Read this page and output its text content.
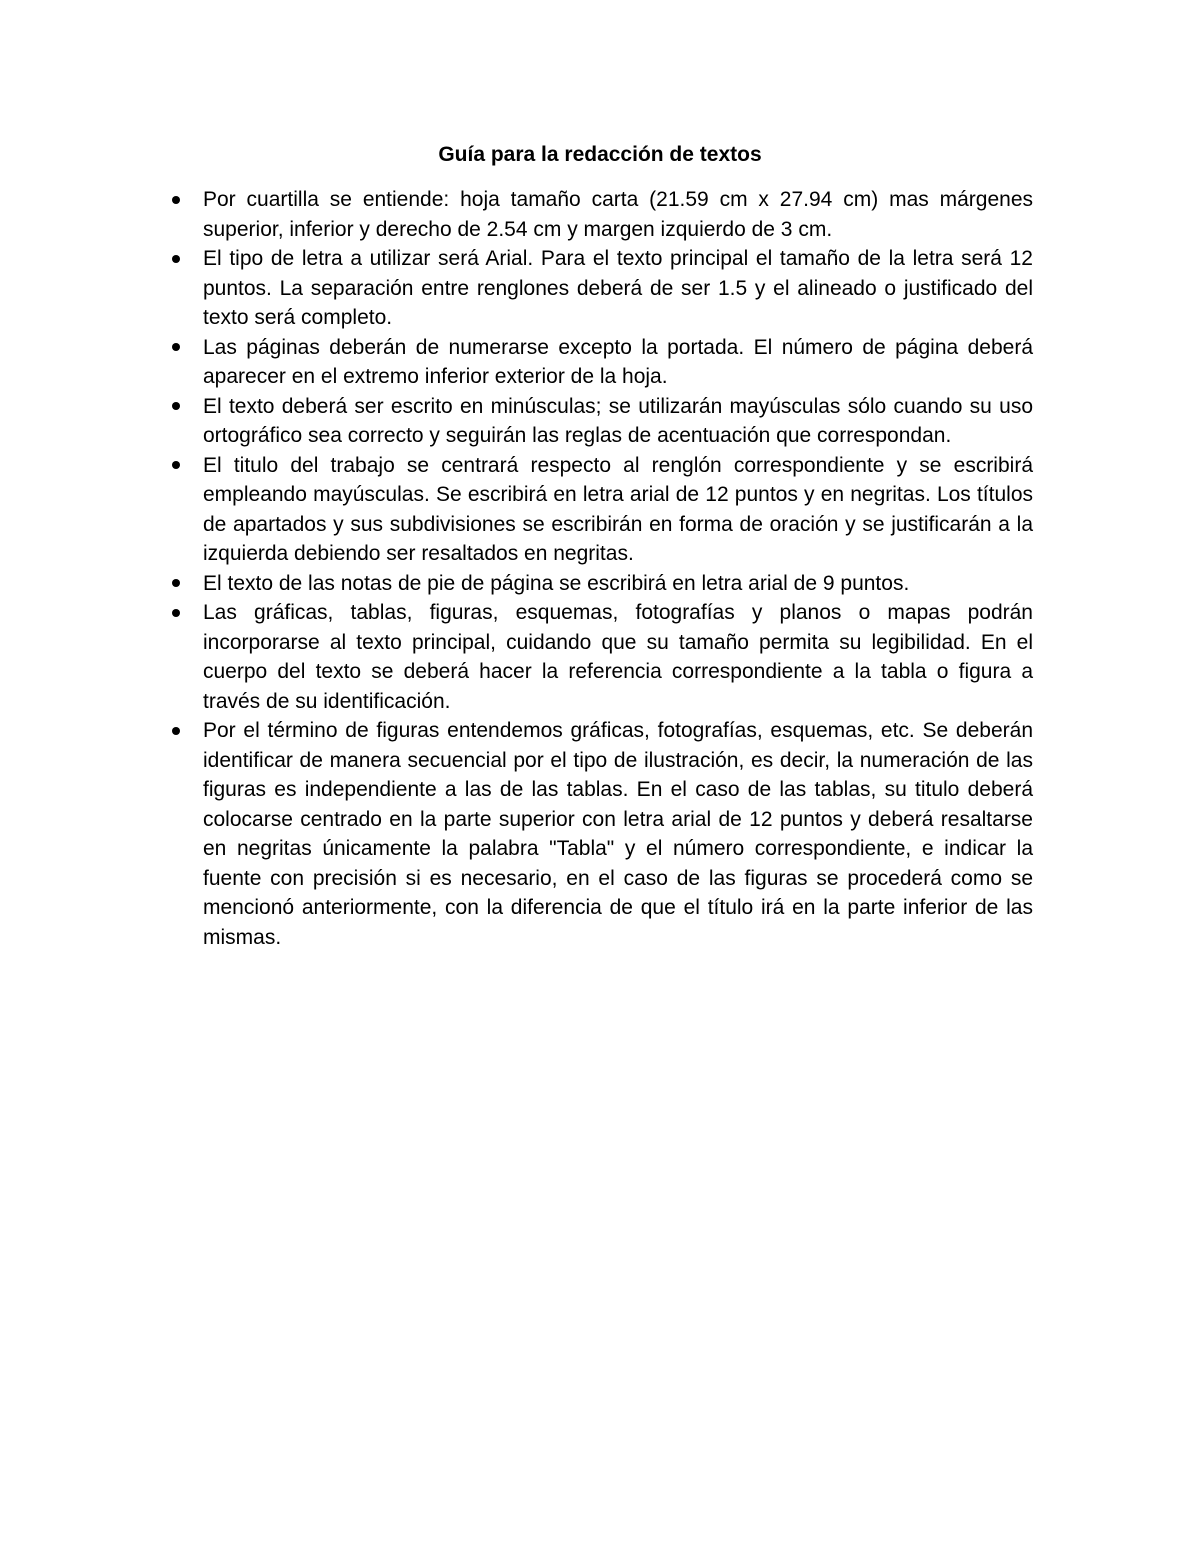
Guía para la redacción de textos
Por cuartilla se entiende: hoja tamaño carta (21.59 cm x 27.94 cm) mas márgenes superior, inferior y derecho de 2.54 cm y margen izquierdo de 3 cm.
El tipo de letra a utilizar será Arial. Para el texto principal el tamaño de la letra será 12 puntos. La separación entre renglones deberá de ser 1.5 y el alineado o justificado del texto será completo.
Las páginas deberán de numerarse excepto la portada. El número de página deberá aparecer en el extremo inferior exterior de la hoja.
El texto deberá ser escrito en minúsculas; se utilizarán mayúsculas sólo cuando su uso ortográfico sea correcto y seguirán las reglas de acentuación que correspondan.
El titulo del trabajo se centrará respecto al renglón correspondiente y se escribirá empleando mayúsculas. Se escribirá en letra arial de 12 puntos y en negritas. Los títulos de apartados y sus subdivisiones se escribirán en forma de oración y se justificarán a la izquierda debiendo ser resaltados en negritas.
El texto de las notas de pie de página se escribirá en letra arial de 9 puntos.
Las gráficas, tablas, figuras, esquemas, fotografías y planos o mapas podrán incorporarse al texto principal, cuidando que su tamaño permita su legibilidad. En el cuerpo del texto se deberá hacer la referencia correspondiente a la tabla o figura a través de su identificación.
Por el término de figuras entendemos gráficas, fotografías, esquemas, etc. Se deberán identificar de manera secuencial por el tipo de ilustración, es decir, la numeración de las figuras es independiente a las de las tablas. En el caso de las tablas, su titulo deberá colocarse centrado en la parte superior con letra arial de 12 puntos y deberá resaltarse en negritas únicamente la palabra "Tabla" y el número correspondiente, e indicar la fuente con precisión si es necesario, en el caso de las figuras se procederá como se mencionó anteriormente, con la diferencia de que el título irá en la parte inferior de las mismas.
